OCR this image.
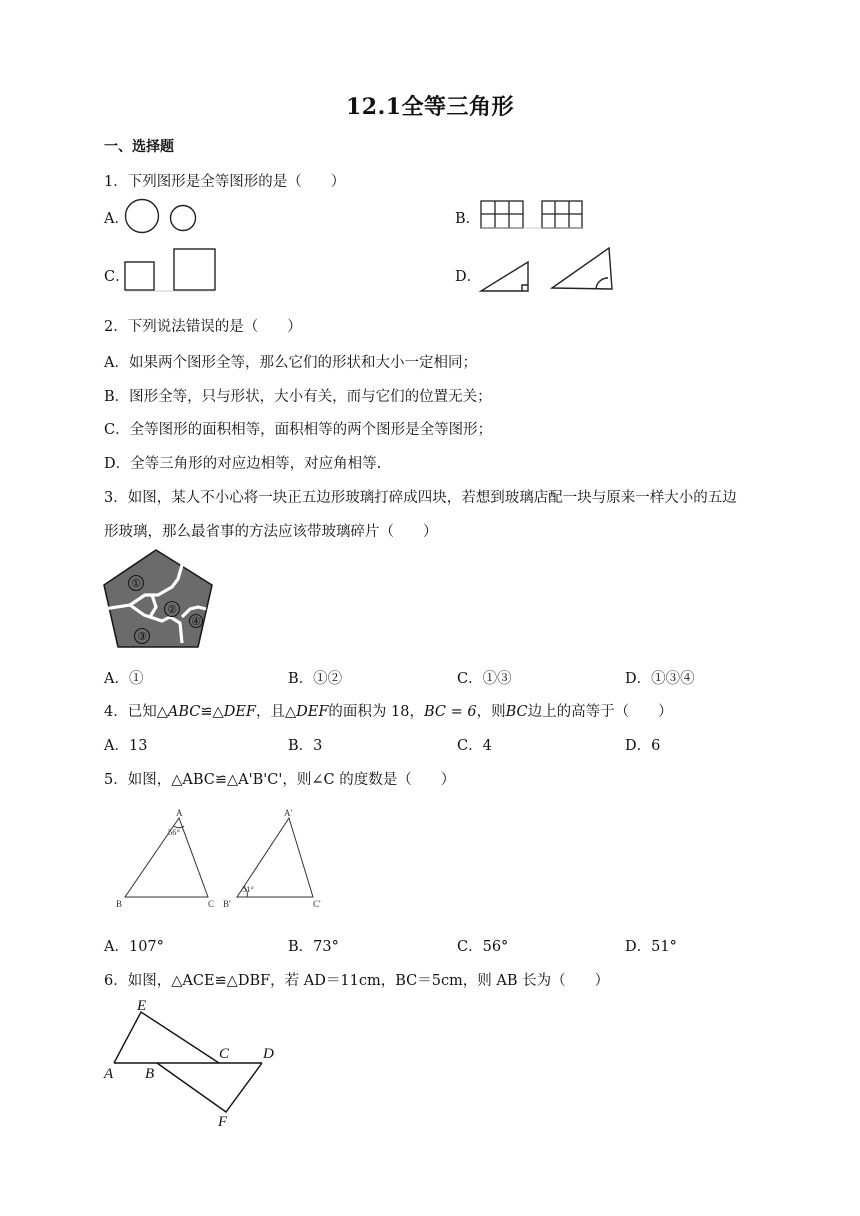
12.1全等三角形
一、选择题
1．下列图形是全等图形的是（　　）
A．	B．
C．	D．
2．下列说法错误的是（　　）
A．如果两个图形全等，那么它们的形状和大小一定相同；
B．图形全等，只与形状，大小有关，而与它们的位置无关；
C．全等图形的面积相等，面积相等的两个图形是全等图形；
D．全等三角形的对应边相等，对应角相等.
3．如图，某人不小心将一块正五边形玻璃打碎成四块，若想到玻璃店配一块与原来一样大小的五边
形玻璃，那么最省事的方法应该带玻璃碎片（　　）
①
②
③
④
A．①	B．①②	C．①③	D．①③④
4．已知△ABC≌△DEF，且△DEF的面积为 18，BC = 6，则BC边上的高等于（　　）
A．13	B．3	C．4	D．6
5．如图，△ABC≌△A'B'C'，则∠C 的度数是（　　）
A
B	C
56°
A'
B'	C'
51°
A．107°	B．73°	C．56°	D．51°
6．如图，△ACE≌△DBF，若 AD＝11cm，BC＝5cm，则 AB 长为（　　）
E
C D
A B
F
